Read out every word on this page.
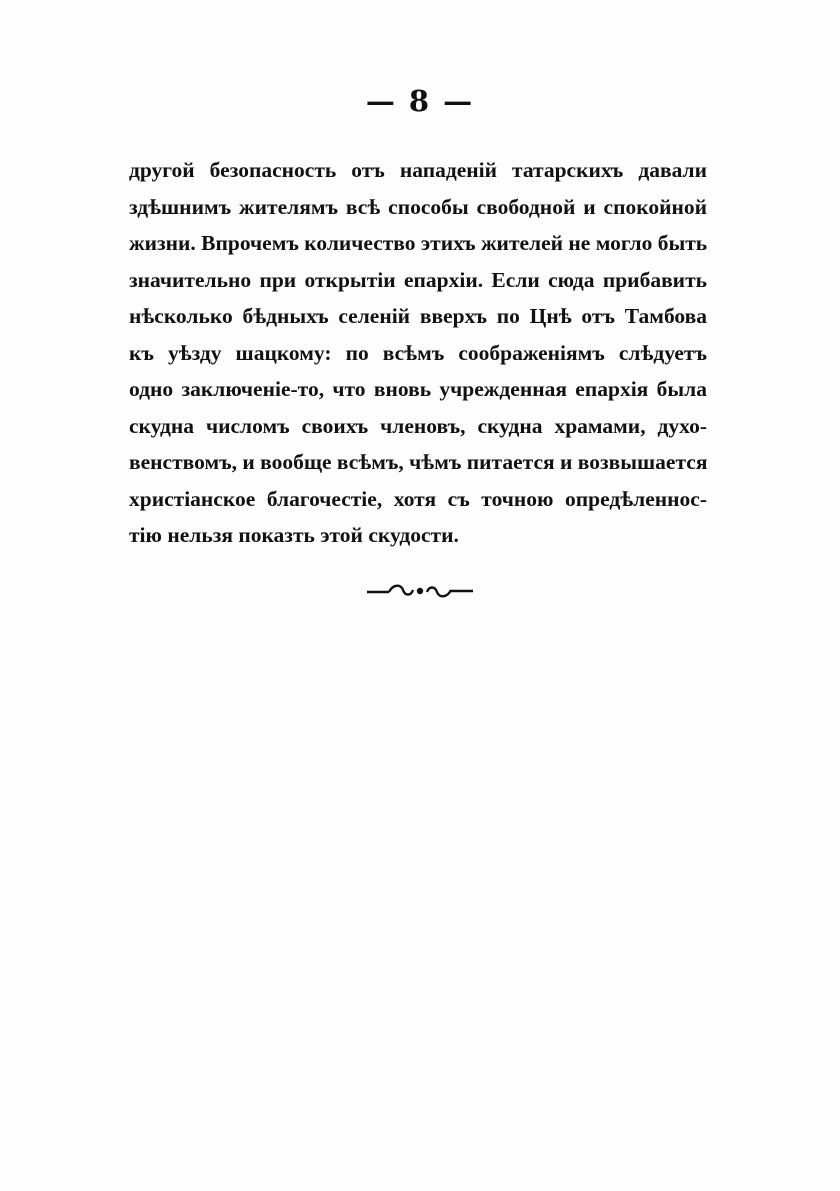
— 8 —

другой безопасность отъ нападеній татарскихъ давали
здѣшнимъ жителямъ всѣ способы свободной и спокойной
жизни. Впрочемъ количество этихъ жителей не могло быть
значительно при открытіи епархіи. Если сюда прибавить
нѣсколько бѣдныхъ селеній вверхъ по Цнѣ отъ Тамбова
къ уѣзду шацкому: по всѣмъ соображеніямъ слѣдуетъ
одно заключеніе-то, что вновь учрежденная епархія была
скудна числомъ своихъ членовъ, скудна храмами, духо-
венствомъ, и вообще всѣмъ, чѣмъ питается и возвышается
христіанское благочестіе, хотя съ точною опредѣленнос-
тію нельзя показть этой скудости.
